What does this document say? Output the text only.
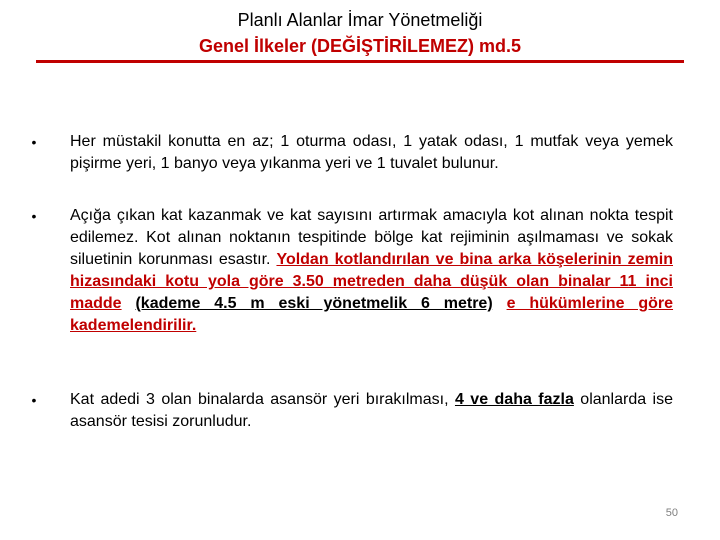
Planlı Alanlar İmar Yönetmeliği
Genel İlkeler (DEĞİŞTİRİLEMEZ) md.5
• Her müstakil konutta en az; 1 oturma odası, 1 yatak odası, 1 mutfak veya yemek pişirme yeri, 1 banyo veya yıkanma yeri ve 1 tuvalet bulunur.
• Açığa çıkan kat kazanmak ve kat sayısını artırmak amacıyla kot alınan nokta tespit edilemez. Kot alınan noktanın tespitinde bölge kat rejiminin aşılmaması ve sokak siluetinin korunması esastır. Yoldan kotlandırılan ve bina arka köşelerinin zemin hizasındaki kotu yola göre 3.50 metreden daha düşük olan binalar 11 inci madde (kademe 4.5 m eski yönetmelik 6 metre) e hükümlerine göre kademelendirilir.
• Kat adedi 3 olan binalarda asansör yeri bırakılması, 4 ve daha fazla olanlarda ise asansör tesisi zorunludur.
50
